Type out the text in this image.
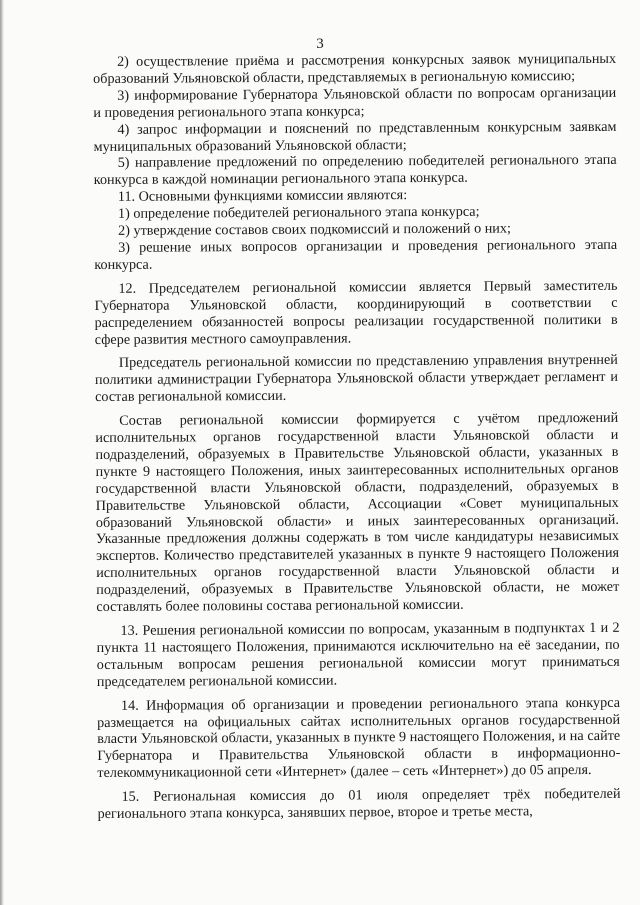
3

2) осуществление приёма и рассмотрения конкурсных заявок муниципальных образований Ульяновской области, представляемых в региональную комиссию;

3) информирование Губернатора Ульяновской области по вопросам организации и проведения регионального этапа конкурса;

4) запрос информации и пояснений по представленным конкурсным заявкам муниципальных образований Ульяновской области;

5) направление предложений по определению победителей регионального этапа конкурса в каждой номинации регионального этапа конкурса.

11. Основными функциями комиссии являются:

1) определение победителей регионального этапа конкурса;

2) утверждение составов своих подкомиссий и положений о них;

3) решение иных вопросов организации и проведения регионального этапа конкурса.

12. Председателем региональной комиссии является Первый заместитель Губернатора Ульяновской области, координирующий в соответствии с распределением обязанностей вопросы реализации государственной политики в сфере развития местного самоуправления.

Председатель региональной комиссии по представлению управления внутренней политики администрации Губернатора Ульяновской области утверждает регламент и состав региональной комиссии.

Состав региональной комиссии формируется с учётом предложений исполнительных органов государственной власти Ульяновской области и подразделений, образуемых в Правительстве Ульяновской области, указанных в пункте 9 настоящего Положения, иных заинтересованных исполнительных органов государственной власти Ульяновской области, подразделений, образуемых в Правительстве Ульяновской области, Ассоциации «Совет муниципальных образований Ульяновской области» и иных заинтересованных организаций. Указанные предложения должны содержать в том числе кандидатуры независимых экспертов. Количество представителей указанных в пункте 9 настоящего Положения исполнительных органов государственной власти Ульяновской области и подразделений, образуемых в Правительстве Ульяновской области, не может составлять более половины состава региональной комиссии.

13. Решения региональной комиссии по вопросам, указанным в подпунктах 1 и 2 пункта 11 настоящего Положения, принимаются исключительно на её заседании, по остальным вопросам решения региональной комиссии могут приниматься председателем региональной комиссии.

14. Информация об организации и проведении регионального этапа конкурса размещается на официальных сайтах исполнительных органов государственной власти Ульяновской области, указанных в пункте 9 настоящего Положения, и на сайте Губернатора и Правительства Ульяновской области в информационно-телекоммуникационной сети «Интернет» (далее – сеть «Интернет») до 05 апреля.

15. Региональная комиссия до 01 июля определяет трёх победителей регионального этапа конкурса, занявших первое, второе и третье места,
